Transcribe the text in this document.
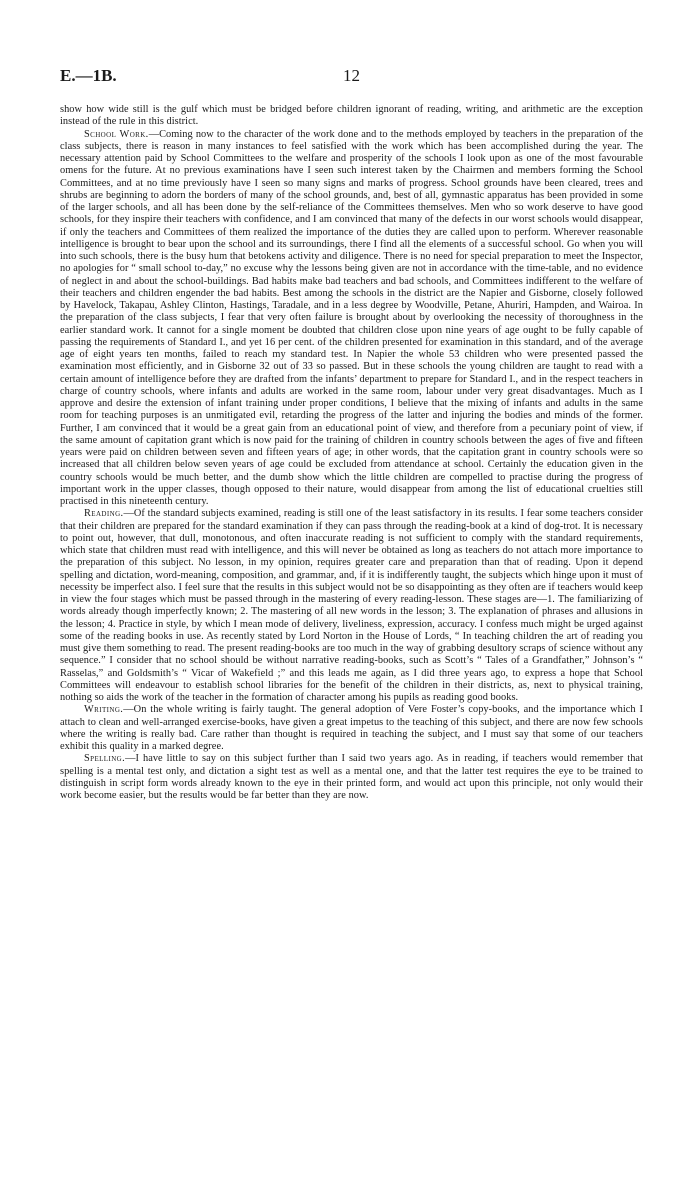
E.—1B.	12

show how wide still is the gulf which must be bridged before children ignorant of reading, writing, and arithmetic are the exception instead of the rule in this district.

School Work.—Coming now to the character of the work done and to the methods employed by teachers in the preparation of the class subjects, there is reason in many instances to feel satisfied with the work which has been accomplished during the year. The necessary attention paid by School Committees to the welfare and prosperity of the schools I look upon as one of the most favourable omens for the future. At no previous examinations have I seen such interest taken by the Chairmen and members forming the School Committees, and at no time previously have I seen so many signs and marks of progress. School grounds have been cleared, trees and shrubs are beginning to adorn the borders of many of the school grounds, and, best of all, gymnastic apparatus has been provided in some of the larger schools, and all has been done by the self-reliance of the Committees themselves. Men who so work deserve to have good schools, for they inspire their teachers with confidence, and I am convinced that many of the defects in our worst schools would disappear, if only the teachers and Committees of them realized the importance of the duties they are called upon to perform. Wherever reasonable intelligence is brought to bear upon the school and its surroundings, there I find all the elements of a successful school. Go when you will into such schools, there is the busy hum that betokens activity and diligence. There is no need for special preparation to meet the Inspector, no apologies for “ small school to-day,” no excuse why the lessons being given are not in accordance with the time-table, and no evidence of neglect in and about the school-buildings. Bad habits make bad teachers and bad schools, and Committees indifferent to the welfare of their teachers and children engender the bad habits. Best among the schools in the district are the Napier and Gisborne, closely followed by Havelock, Takapau, Ashley Clinton, Hastings, Taradale, and in a less degree by Woodville, Petane, Ahuriri, Hampden, and Wairoa. In the preparation of the class subjects, I fear that very often failure is brought about by overlooking the necessity of thoroughness in the earlier standard work. It cannot for a single moment be doubted that children close upon nine years of age ought to be fully capable of passing the requirements of Standard I., and yet 16 per cent. of the children presented for examination in this standard, and of the average age of eight years ten months, failed to reach my standard test. In Napier the whole 53 children who were presented passed the examination most efficiently, and in Gisborne 32 out of 33 so passed. But in these schools the young children are taught to read with a certain amount of intelligence before they are drafted from the infants’ department to prepare for Standard I., and in the respect teachers in charge of country schools, where infants and adults are worked in the same room, labour under very great disadvantages. Much as I approve and desire the extension of infant training under proper conditions, I believe that the mixing of infants and adults in the same room for teaching purposes is an unmitigated evil, retarding the progress of the latter and injuring the bodies and minds of the former. Further, I am convinced that it would be a great gain from an educational point of view, and therefore from a pecuniary point of view, if the same amount of capitation grant which is now paid for the training of children in country schools between the ages of five and fifteen years were paid on children between seven and fifteen years of age; in other words, that the capitation grant in country schools were so increased that all children below seven years of age could be excluded from attendance at school. Certainly the education given in the country schools would be much better, and the dumb show which the little children are compelled to practise during the progress of important work in the upper classes, though opposed to their nature, would disappear from among the list of educational cruelties still practised in this nineteenth century.

Reading.—Of the standard subjects examined, reading is still one of the least satisfactory in its results. I fear some teachers consider that their children are prepared for the standard examination if they can pass through the reading-book at a kind of dog-trot. It is necessary to point out, however, that dull, monotonous, and often inaccurate reading is not sufficient to comply with the standard requirements, which state that children must read with intelligence, and this will never be obtained as long as teachers do not attach more importance to the preparation of this subject. No lesson, in my opinion, requires greater care and preparation than that of reading. Upon it depend spelling and dictation, word-meaning, composition, and grammar, and, if it is indifferently taught, the subjects which hinge upon it must of necessity be imperfect also. I feel sure that the results in this subject would not be so disappointing as they often are if teachers would keep in view the four stages which must be passed through in the mastering of every reading-lesson. These stages are—1. The familiarizing of words already though imperfectly known; 2. The mastering of all new words in the lesson; 3. The explanation of phrases and allusions in the lesson; 4. Practice in style, by which I mean mode of delivery, liveliness, expression, accuracy. I confess much might be urged against some of the reading books in use. As recently stated by Lord Norton in the House of Lords, “ In teaching children the art of reading you must give them something to read. The present reading-books are too much in the way of grabbing desultory scraps of science without any sequence.” I consider that no school should be without narrative reading-books, such as Scott’s “ Tales of a Grandfather,” Johnson’s “ Rasselas,” and Goldsmith’s “ Vicar of Wakefield ;” and this leads me again, as I did three years ago, to express a hope that School Committees will endeavour to establish school libraries for the benefit of the children in their districts, as, next to physical training, nothing so aids the work of the teacher in the formation of character among his pupils as reading good books.

Writing.—On the whole writing is fairly taught. The general adoption of Vere Foster’s copy-books, and the importance which I attach to clean and well-arranged exercise-books, have given a great impetus to the teaching of this subject, and there are now few schools where the writing is really bad. Care rather than thought is required in teaching the subject, and I must say that some of our teachers exhibit this quality in a marked degree.

Spelling.—I have little to say on this subject further than I said two years ago. As in reading, if teachers would remember that spelling is a mental test only, and dictation a sight test as well as a mental one, and that the latter test requires the eye to be trained to distinguish in script form words already known to the eye in their printed form, and would act upon this principle, not only would their work become easier, but the results would be far better than they are now.
